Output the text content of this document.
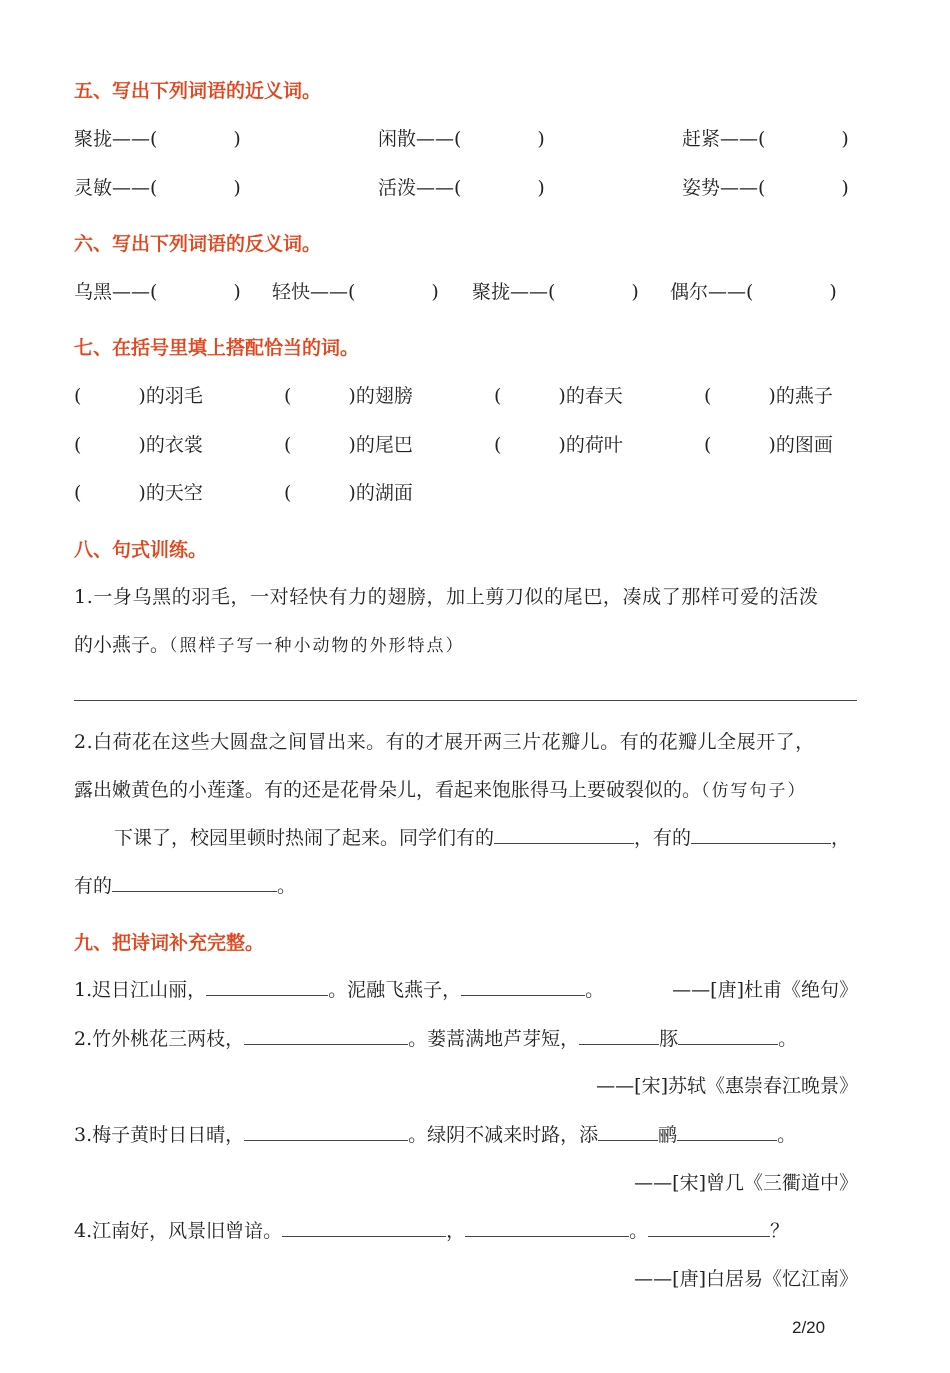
五、写出下列词语的近义词。
聚拢——(    )	闲散——(    )	赶紧——(    )
灵敏——(    )	活泼——(    )	姿势——(    )
六、写出下列词语的反义词。
乌黑——(    ) 轻快——(    ) 聚拢——(    ) 偶尔——(    )
七、在括号里填上搭配恰当的词。
(   )的羽毛	(   )的翅膀	(   )的春天	(   )的燕子
(   )的衣裳	(   )的尾巴	(   )的荷叶	(   )的图画
(   )的天空	(   )的湖面
八、句式训练。
1.一身乌黑的羽毛，一对轻快有力的翅膀，加上剪刀似的尾巴，凑成了那样可爱的活泼
的小燕子。（照样子写一种小动物的外形特点）
2.白荷花在这些大圆盘之间冒出来。有的才展开两三片花瓣儿。有的花瓣儿全展开了，
露出嫩黄色的小莲蓬。有的还是花骨朵儿，看起来饱胀得马上要破裂似的。（仿写句子）
下课了，校园里顿时热闹了起来。同学们有的	，有的	，
有的	。
九、把诗词补充完整。
1.迟日江山丽，	。泥融飞燕子，	。	——[唐]杜甫《绝句》
2.竹外桃花三两枝，	。蒌蒿满地芦芽短，	豚	。
——[宋]苏轼《惠崇春江晚景》
3.梅子黄时日日晴，	。绿阴不减来时路，添	鹂	。
——[宋]曾几《三衢道中》
4.江南好，风景旧曾谙。	，	。	？
——[唐]白居易《忆江南》
2/20
